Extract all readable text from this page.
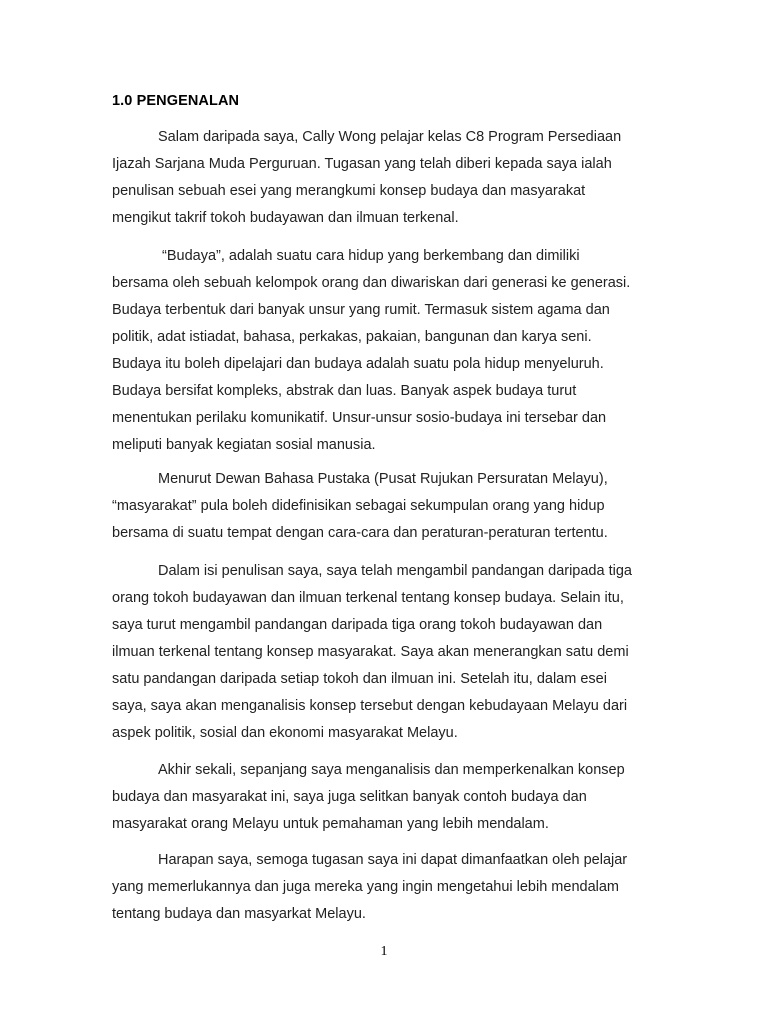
1.0 PENGENALAN
Salam daripada saya, Cally Wong pelajar kelas C8 Program Persediaan
Ijazah Sarjana Muda Perguruan. Tugasan yang telah diberi kepada saya ialah
penulisan sebuah esei yang merangkumi konsep budaya dan masyarakat
mengikut takrif tokoh budayawan dan ilmuan terkenal.
“Budaya”, adalah suatu cara hidup yang berkembang dan dimiliki
bersama oleh sebuah kelompok orang dan diwariskan dari generasi ke generasi.
Budaya terbentuk dari banyak unsur yang rumit. Termasuk sistem agama dan
politik, adat istiadat, bahasa, perkakas, pakaian, bangunan dan karya seni.
Budaya itu boleh dipelajari dan budaya adalah suatu pola hidup menyeluruh.
Budaya bersifat kompleks, abstrak dan luas. Banyak aspek budaya turut
menentukan perilaku komunikatif. Unsur-unsur sosio-budaya ini tersebar dan
meliputi banyak kegiatan sosial manusia.
Menurut Dewan Bahasa Pustaka (Pusat Rujukan Persuratan Melayu),
“masyarakat” pula boleh didefinisikan sebagai sekumpulan orang yang hidup
bersama di suatu tempat dengan cara-cara dan peraturan-peraturan tertentu.
Dalam isi penulisan saya, saya telah mengambil pandangan daripada tiga
orang tokoh budayawan dan ilmuan terkenal tentang konsep budaya. Selain itu,
saya turut mengambil pandangan daripada tiga orang tokoh budayawan dan
ilmuan terkenal tentang konsep masyarakat. Saya akan menerangkan satu demi
satu pandangan daripada setiap tokoh dan ilmuan ini. Setelah itu, dalam esei
saya, saya akan menganalisis konsep tersebut dengan kebudayaan Melayu dari
aspek politik, sosial dan ekonomi masyarakat Melayu.
Akhir sekali, sepanjang saya menganalisis dan memperkenalkan konsep
budaya dan masyarakat ini, saya juga selitkan banyak contoh budaya dan
masyarakat orang Melayu untuk pemahaman yang lebih mendalam.
Harapan saya, semoga tugasan saya ini dapat dimanfaatkan oleh pelajar
yang memerlukannya dan juga mereka yang ingin mengetahui lebih mendalam
tentang budaya dan masyarkat Melayu.

1
